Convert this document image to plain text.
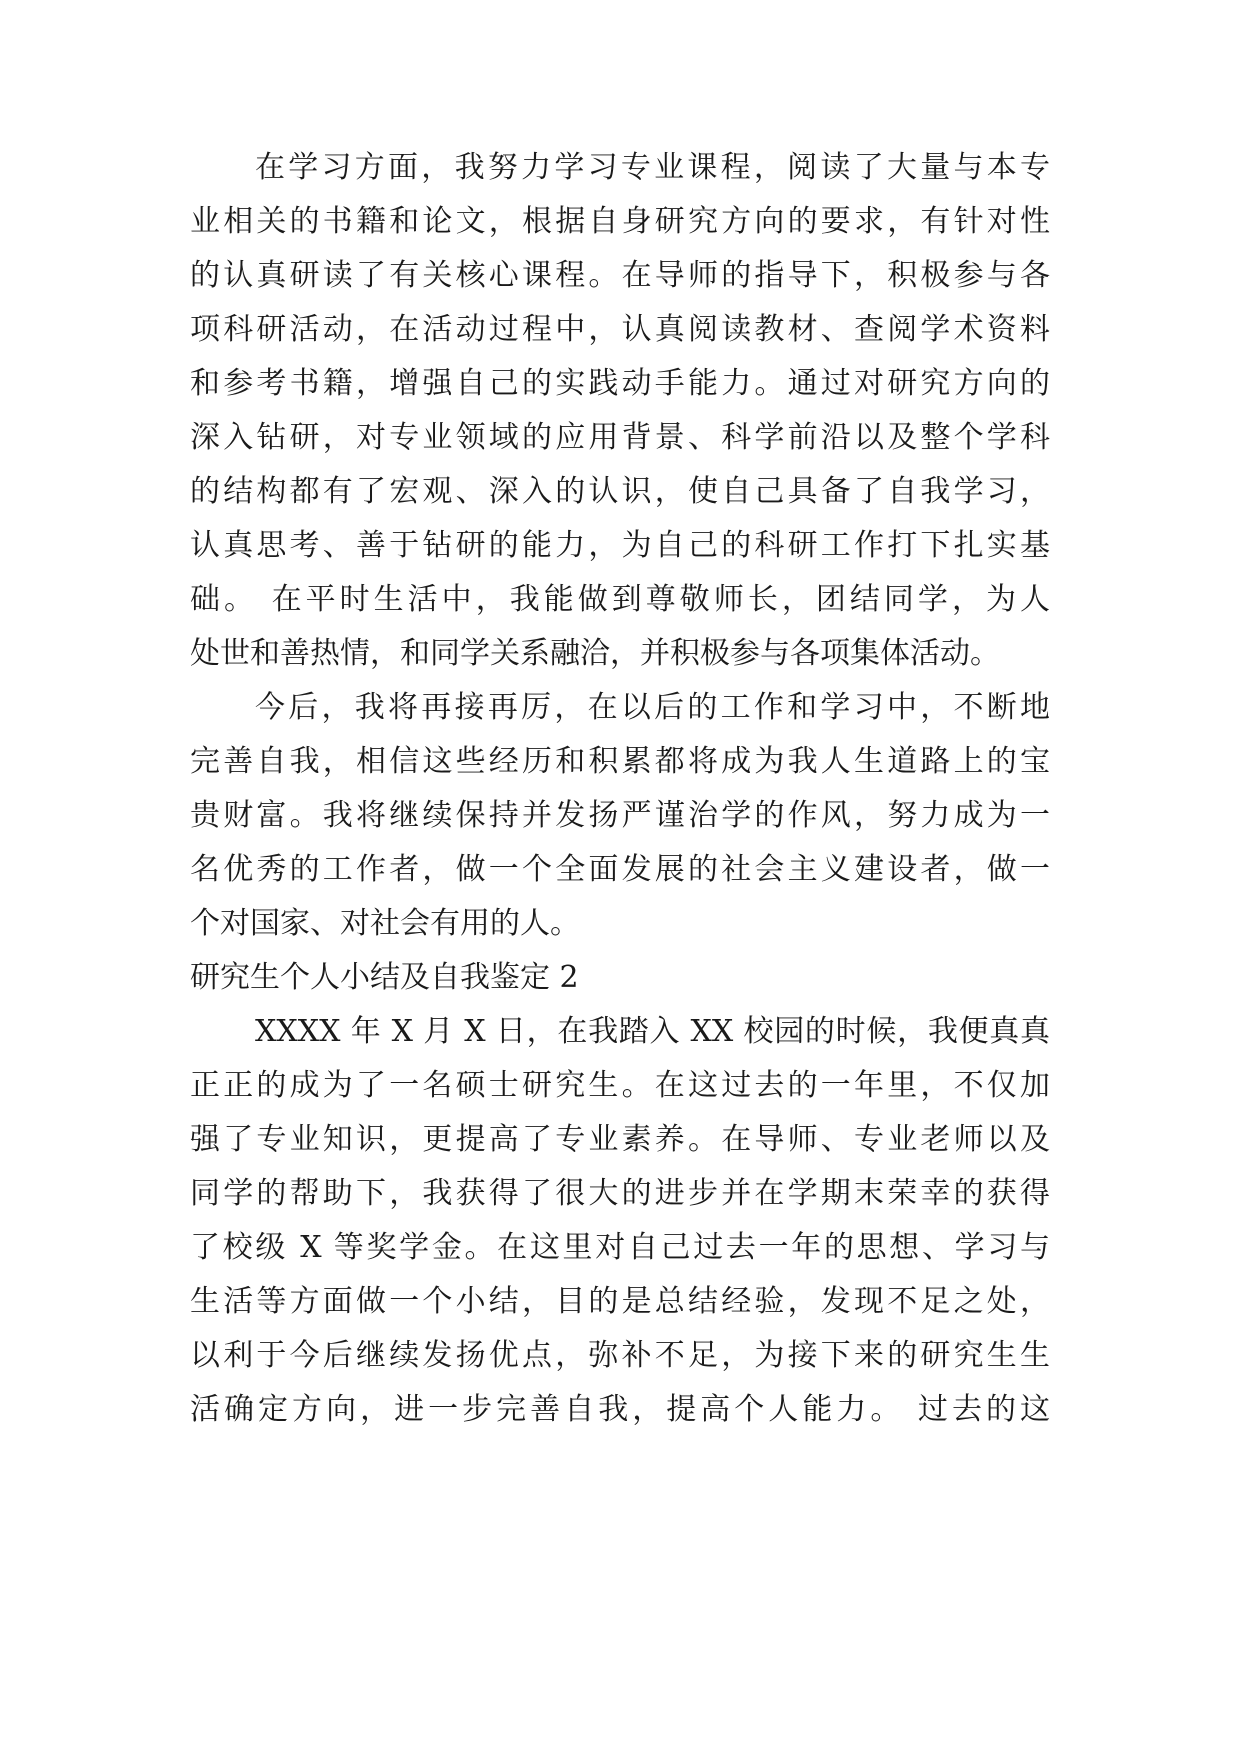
在学习方面，我努力学习专业课程，阅读了大量与本专
业相关的书籍和论文，根据自身研究方向的要求，有针对性
的认真研读了有关核心课程。在导师的指导下，积极参与各
项科研活动，在活动过程中，认真阅读教材、查阅学术资料
和参考书籍，增强自己的实践动手能力。通过对研究方向的
深入钻研，对专业领域的应用背景、科学前沿以及整个学科
的结构都有了宏观、深入的认识，使自己具备了自我学习，
认真思考、善于钻研的能力，为自己的科研工作打下扎实基
础。 在平时生活中，我能做到尊敬师长，团结同学，为人
处世和善热情，和同学关系融洽，并积极参与各项集体活动。
今后，我将再接再厉，在以后的工作和学习中，不断地
完善自我，相信这些经历和积累都将成为我人生道路上的宝
贵财富。我将继续保持并发扬严谨治学的作风，努力成为一
名优秀的工作者，做一个全面发展的社会主义建设者，做一
个对国家、对社会有用的人。
研究生个人小结及自我鉴定 2
XXXX 年 X 月 X 日，在我踏入 XX 校园的时候，我便真真
正正的成为了一名硕士研究生。在这过去的一年里，不仅加
强了专业知识，更提高了专业素养。在导师、专业老师以及
同学的帮助下，我获得了很大的进步并在学期末荣幸的获得
了校级 X 等奖学金。在这里对自己过去一年的思想、学习与
生活等方面做一个小结，目的是总结经验，发现不足之处，
以利于今后继续发扬优点，弥补不足，为接下来的研究生生
活确定方向，进一步完善自我，提高个人能力。 过去的这
